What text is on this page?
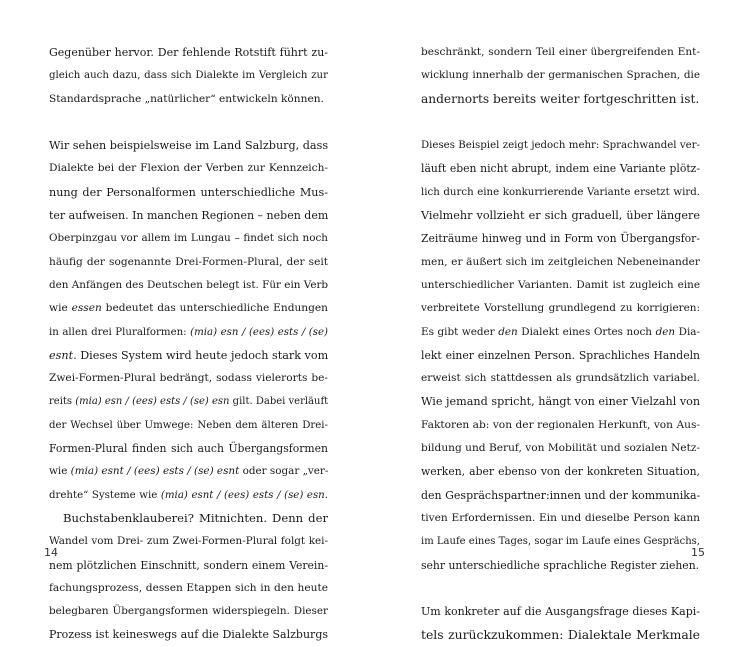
Gegenüber hervor. Der fehlende Rotstift führt zu-
gleich auch dazu, dass sich Dialekte im Vergleich zur
Standardsprache „natürlicher“ entwickeln können.
Wir sehen beispielsweise im Land Salzburg, dass
Dialekte bei der Flexion der Verben zur Kennzeich-
nung der Personalformen unterschiedliche Mus-
ter aufweisen. In manchen Regionen – neben dem
Oberpinzgau vor allem im Lungau – findet sich noch
häufig der sogenannte Drei-Formen-Plural, der seit
den Anfängen des Deutschen belegt ist. Für ein Verb
wie essen bedeutet das unterschiedliche Endungen
in allen drei Pluralformen: (mia) esn / (ees) ests / (se)
esnt. Dieses System wird heute jedoch stark vom
Zwei-Formen-Plural bedrängt, sodass vielerorts be-
reits (mia) esn / (ees) ests / (se) esn gilt. Dabei verläuft
der Wechsel über Umwege: Neben dem älteren Drei-
Formen-Plural finden sich auch Übergangsformen
wie (mia) esnt / (ees) ests / (se) esnt oder sogar „ver-
drehte“ Systeme wie (mia) esnt / (ees) ests / (se) esn.
Buchstabenklauberei? Mitnichten. Denn der
Wandel vom Drei- zum Zwei-Formen-Plural folgt kei-
nem plötzlichen Einschnitt, sondern einem Verein-
fachungsprozess, dessen Etappen sich in den heute
belegbaren Übergangsformen widerspiegeln. Dieser
Prozess ist keineswegs auf die Dialekte Salzburgs
14
beschränkt, sondern Teil einer übergreifenden Ent-
wicklung innerhalb der germanischen Sprachen, die
andernorts bereits weiter fortgeschritten ist.
Dieses Beispiel zeigt jedoch mehr: Sprachwandel ver-
läuft eben nicht abrupt, indem eine Variante plötz-
lich durch eine konkurrierende Variante ersetzt wird.
Vielmehr vollzieht er sich graduell, über längere
Zeiträume hinweg und in Form von Übergangsfor-
men, er äußert sich im zeitgleichen Nebeneinander
unterschiedlicher Varianten. Damit ist zugleich eine
verbreitete Vorstellung grundlegend zu korrigieren:
Es gibt weder den Dialekt eines Ortes noch den Dia-
lekt einer einzelnen Person. Sprachliches Handeln
erweist sich stattdessen als grundsätzlich variabel.
Wie jemand spricht, hängt von einer Vielzahl von
Faktoren ab: von der regionalen Herkunft, von Aus-
bildung und Beruf, von Mobilität und sozialen Netz-
werken, aber ebenso von der konkreten Situation,
den Gesprächspartner:innen und der kommunika-
tiven Erfordernissen. Ein und dieselbe Person kann
im Laufe eines Tages, sogar im Laufe eines Gesprächs,
sehr unterschiedliche sprachliche Register ziehen.
Um konkreter auf die Ausgangsfrage dieses Kapi-
tels zurückzukommen: Dialektale Merkmale
15
